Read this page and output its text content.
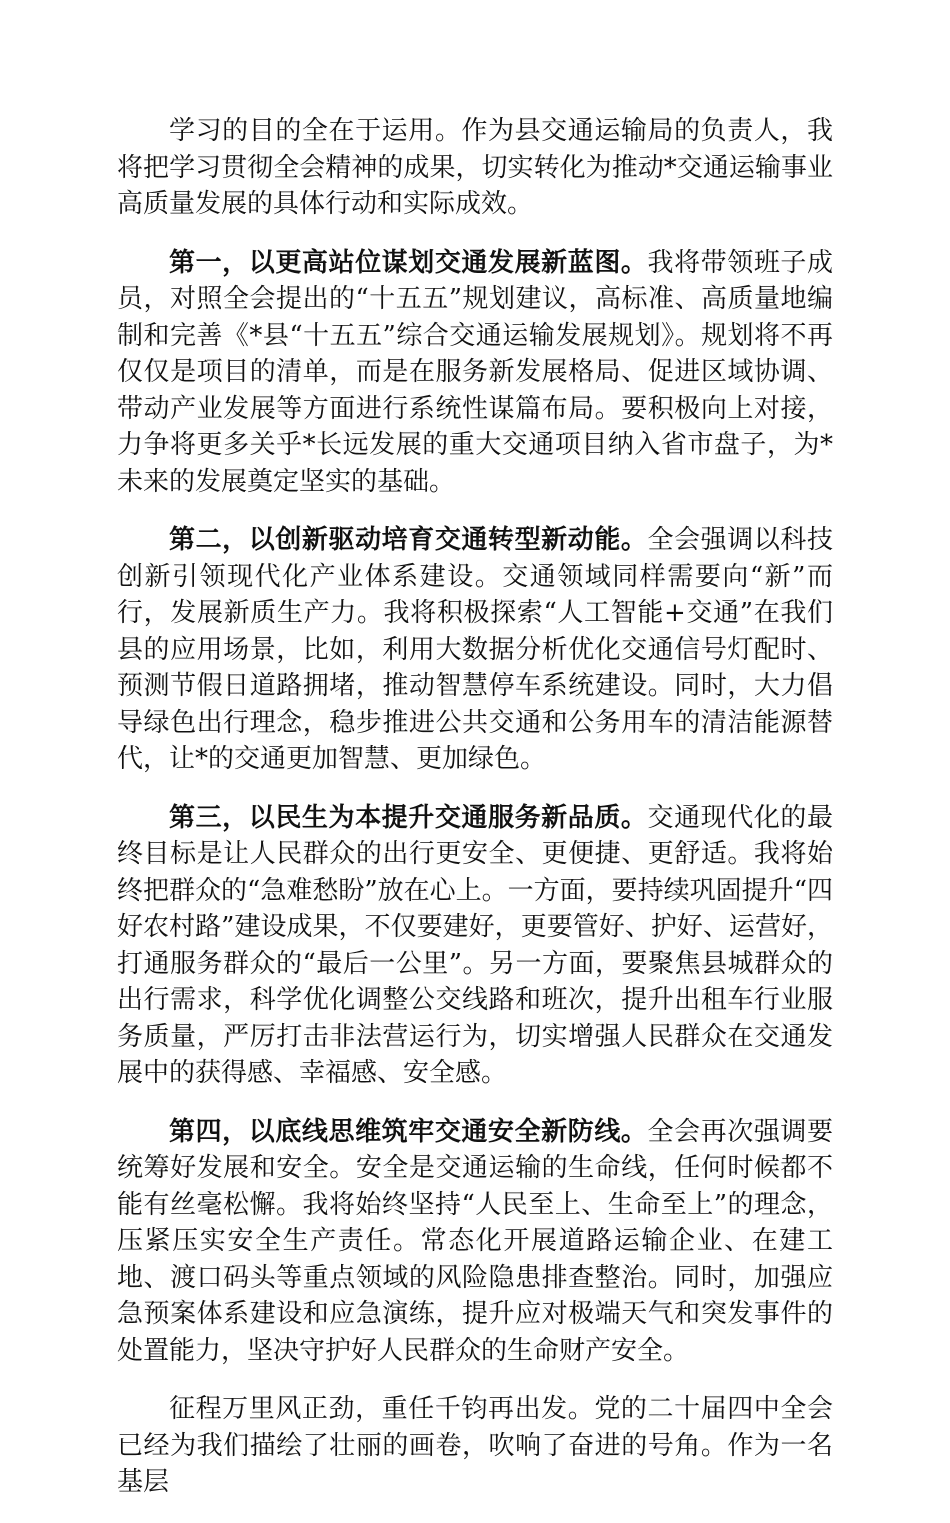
学习的目的全在于运用。作为县交通运输局的负责人，我将把学习贯彻全会精神的成果，切实转化为推动*交通运输事业高质量发展的具体行动和实际成效。

第一，以更高站位谋划交通发展新蓝图。我将带领班子成员，对照全会提出的“十五五”规划建议，高标准、高质量地编制和完善《*县“十五五”综合交通运输发展规划》。规划将不再仅仅是项目的清单，而是在服务新发展格局、促进区域协调、带动产业发展等方面进行系统性谋篇布局。要积极向上对接，力争将更多关乎*长远发展的重大交通项目纳入省市盘子，为*未来的发展奠定坚实的基础。

第二，以创新驱动培育交通转型新动能。全会强调以科技创新引领现代化产业体系建设。交通领域同样需要向“新”而行，发展新质生产力。我将积极探索“人工智能+交通”在我们县的应用场景，比如，利用大数据分析优化交通信号灯配时、预测节假日道路拥堵，推动智慧停车系统建设。同时，大力倡导绿色出行理念，稳步推进公共交通和公务用车的清洁能源替代，让*的交通更加智慧、更加绿色。

第三，以民生为本提升交通服务新品质。交通现代化的最终目标是让人民群众的出行更安全、更便捷、更舒适。我将始终把群众的“急难愁盼”放在心上。一方面，要持续巩固提升“四好农村路”建设成果，不仅要建好，更要管好、护好、运营好，打通服务群众的“最后一公里”。另一方面，要聚焦县城群众的出行需求，科学优化调整公交线路和班次，提升出租车行业服务质量，严厉打击非法营运行为，切实增强人民群众在交通发展中的获得感、幸福感、安全感。

第四，以底线思维筑牢交通安全新防线。全会再次强调要统筹好发展和安全。安全是交通运输的生命线，任何时候都不能有丝毫松懈。我将始终坚持“人民至上、生命至上”的理念，压紧压实安全生产责任。常态化开展道路运输企业、在建工地、渡口码头等重点领域的风险隐患排查整治。同时，加强应急预案体系建设和应急演练，提升应对极端天气和突发事件的处置能力，坚决守护好人民群众的生命财产安全。

征程万里风正劲，重任千钧再出发。党的二十届四中全会已经为我们描绘了壮丽的画卷，吹响了奋进的号角。作为一名基层
